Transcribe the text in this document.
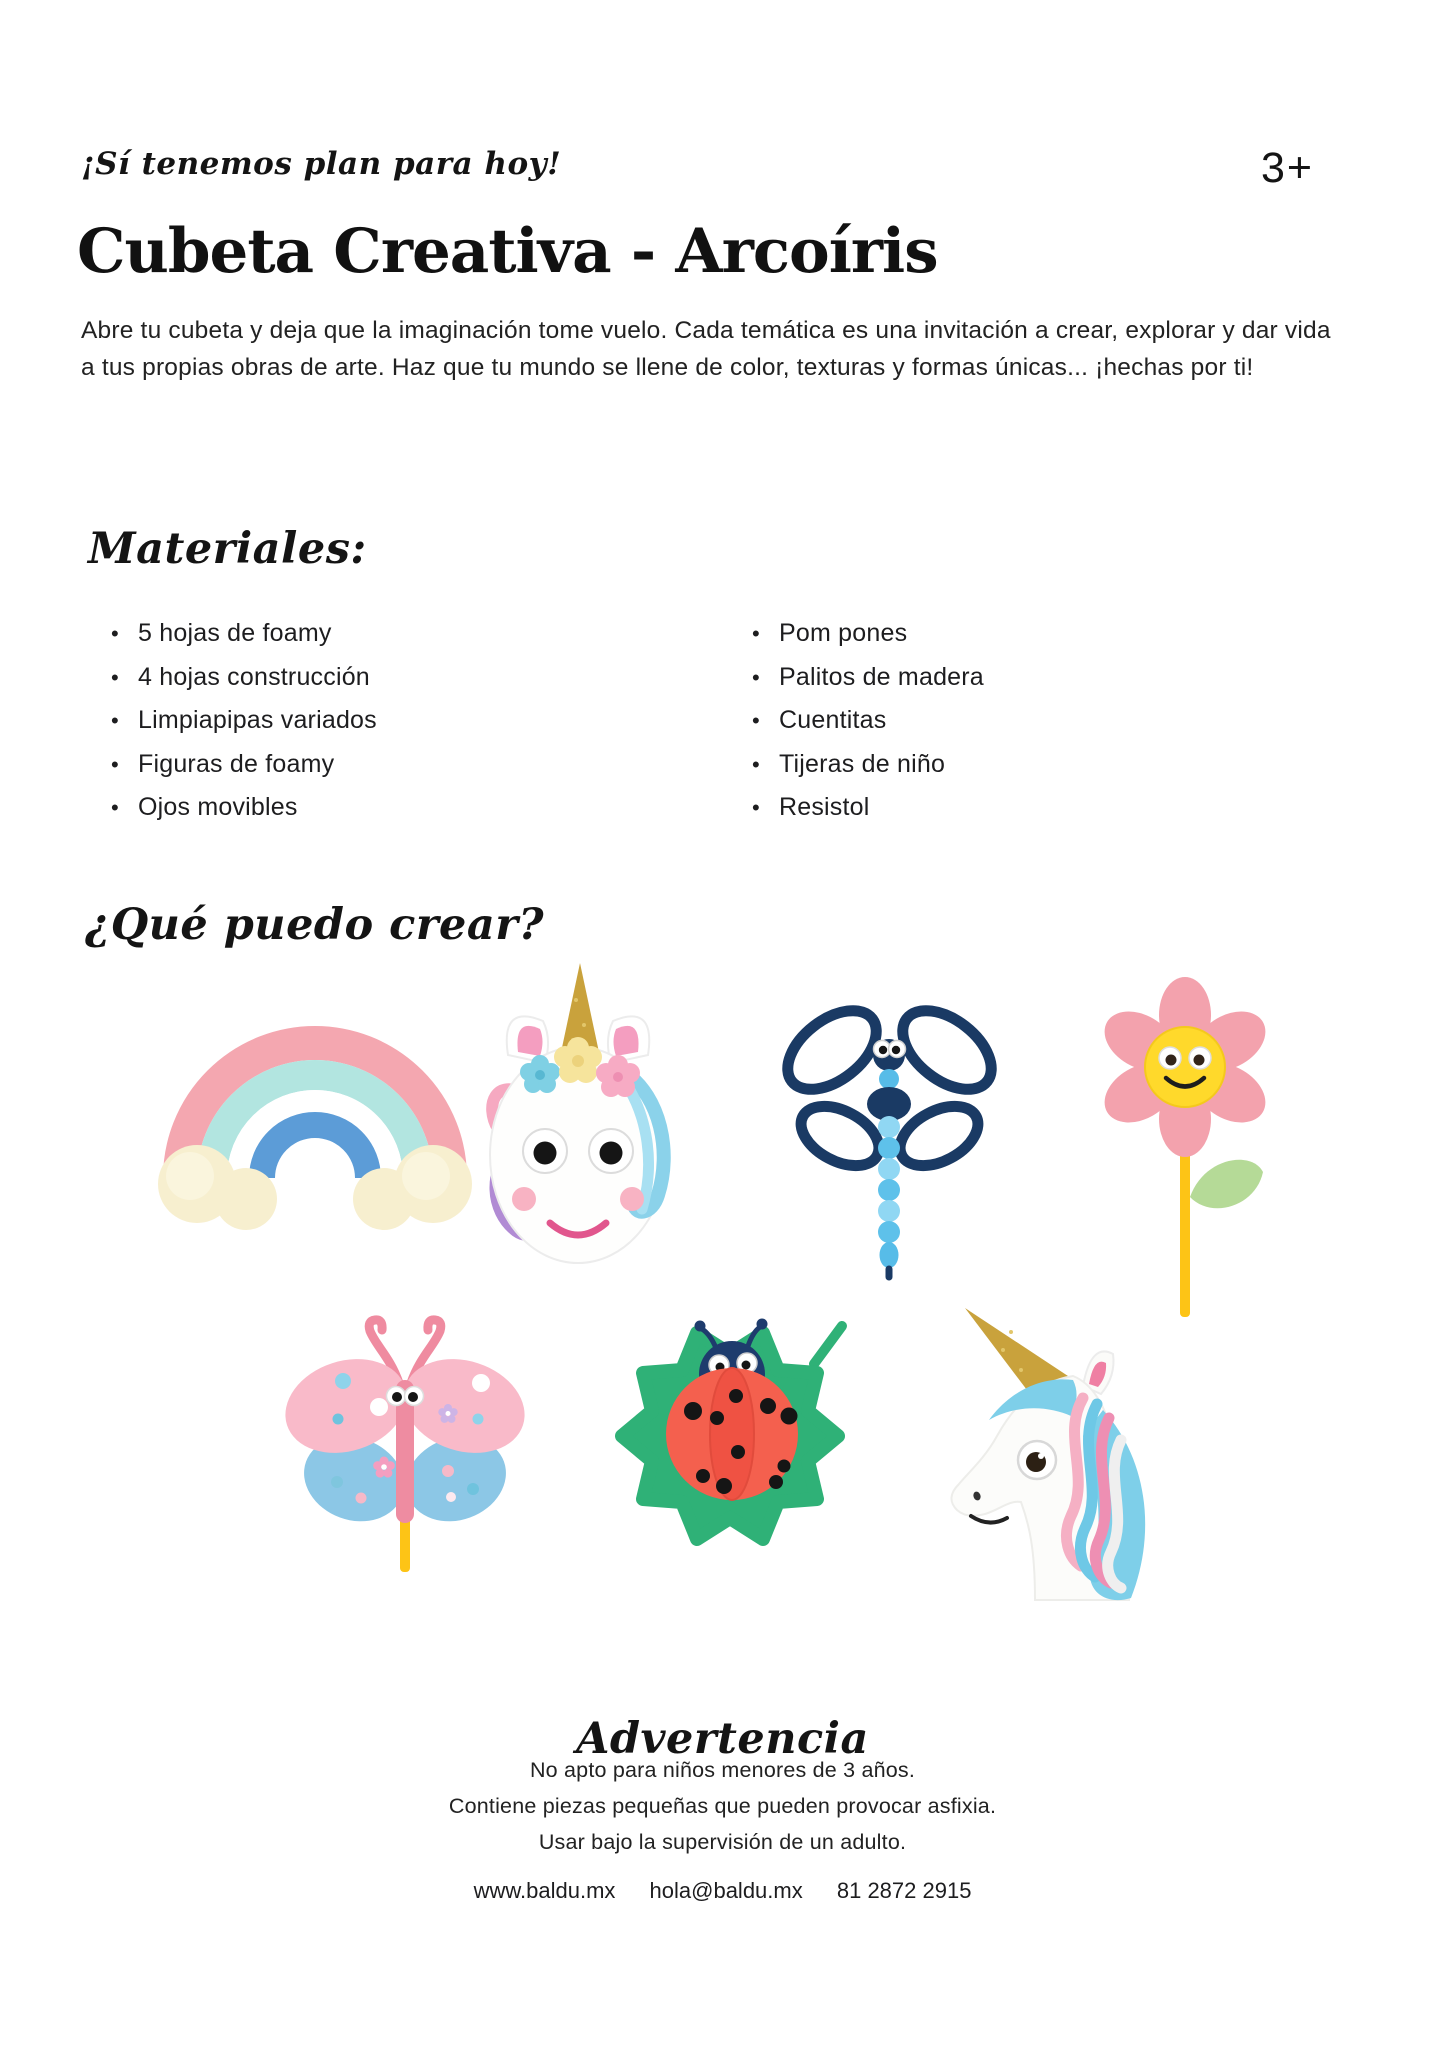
¡Sí tenemos plan para hoy!	3+
Cubeta Creativa - Arcoíris

Abre tu cubeta y deja que la imaginación tome vuelo. Cada temática es una invitación a crear, explorar y dar vida a tus propias obras de arte. Haz que tu mundo se llene de color, texturas y formas únicas... ¡hechas por ti!

Materiales:
• 5 hojas de foamy
• 4 hojas construcción
• Limpiapipas variados
• Figuras de foamy
• Ojos movibles
• Pom pones
• Palitos de madera
• Cuentitas
• Tijeras de niño
• Resistol
¿Qué puedo crear?
Advertencia

No apto para niños menores de 3 años.

Contiene piezas pequeñas que pueden provocar asfixia.

Usar bajo la supervisión de un adulto.

www.baldu.mx hola@baldu.mx 81 2872 2915
